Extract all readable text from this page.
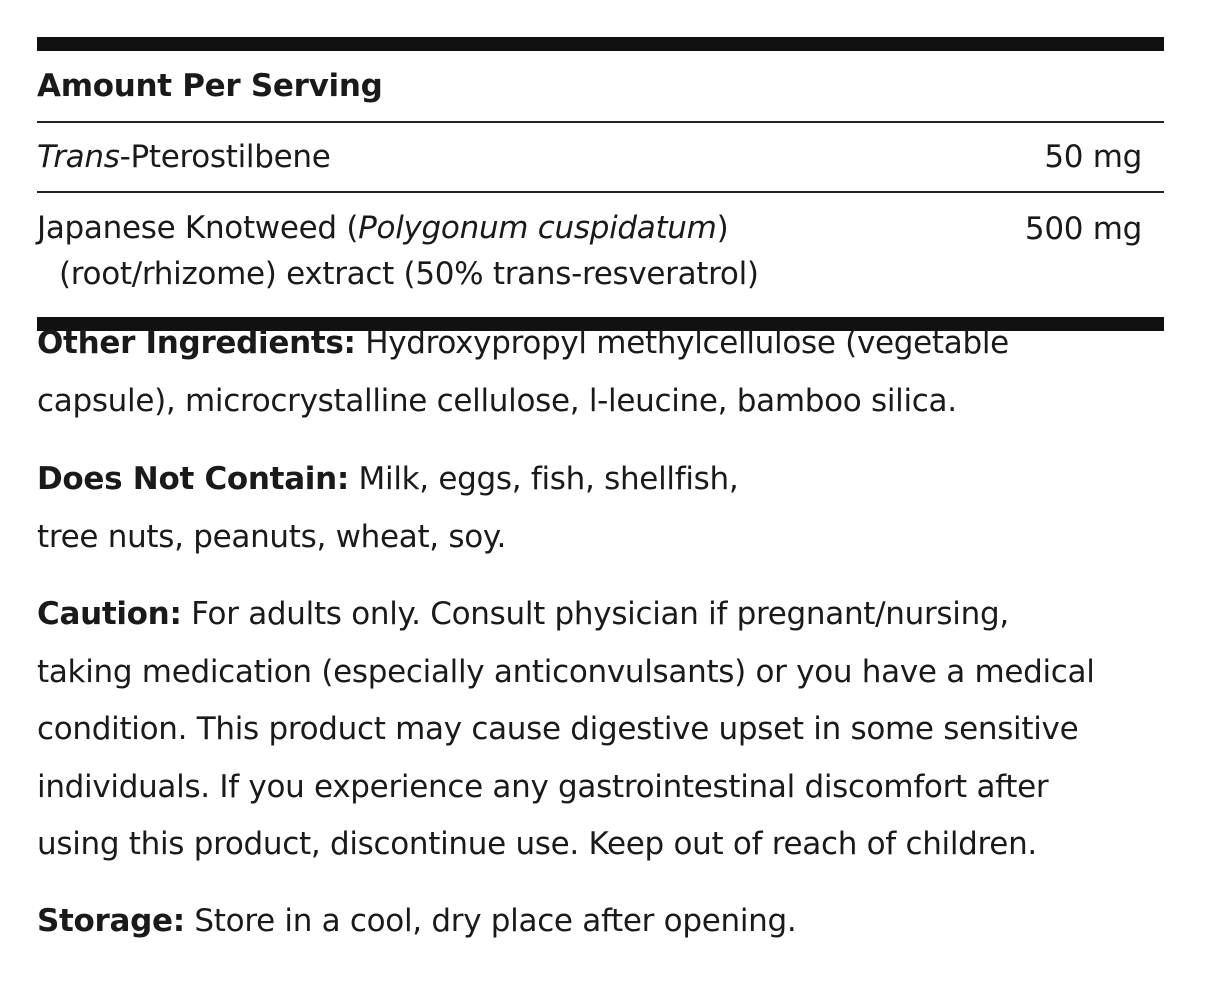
Amount Per Serving
Trans-Pterostilbene	50 mg
Japanese Knotweed (Polygonum cuspidatum)
(root/rhizome) extract (50% trans-resveratrol)
500 mg
Other Ingredients: Hydroxypropyl methylcellulose (vegetable
capsule), microcrystalline cellulose, l-leucine, bamboo silica.
Does Not Contain: Milk, eggs, fish, shellfish,
tree nuts, peanuts, wheat, soy.
Caution: For adults only. Consult physician if pregnant/nursing,
taking medication (especially anticonvulsants) or you have a medical
condition. This product may cause digestive upset in some sensitive
individuals. If you experience any gastrointestinal discomfort after
using this product, discontinue use. Keep out of reach of children.
Storage: Store in a cool, dry place after opening.
